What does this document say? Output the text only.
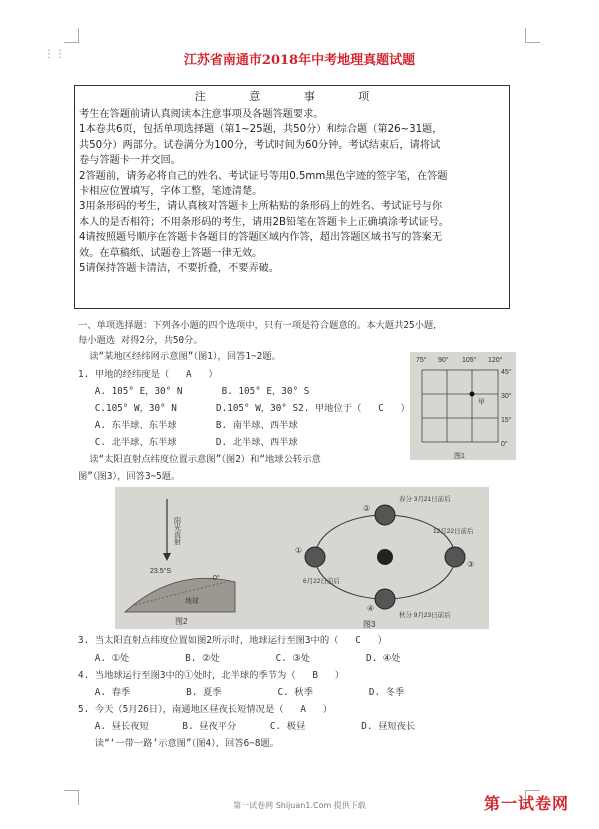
⋮⋮	江苏省南通市2018年中考地理真题试题
注 意 事 项

考生在答题前请认真阅读本注意事项及各题答题要求。

1本卷共6页，包括单项选择题（第1~25题，共50分）和综合题（第26~31题，

共50分）两部分。试卷满分为100分，考试时间为60分钟。考试结束后，请将试

卷与答题卡一并交回。

2答题前，请务必将自己的姓名、考试证号等用0.5mm黑色字迹的签字笔，在答题

卡相应位置填写，字体工整，笔迹清楚。

3用条形码的考生，请认真核对答题卡上所粘贴的条形码上的姓名、考试证号与你

本人的是否相符；不用条形码的考生，请用2B铅笔在答题卡上正确填涂考试证号。

4请按照题号顺序在答题卡各题目的答题区域内作答，超出答题区域书写的答案无

效。在草稿纸、试题卷上答题一律无效。

5请保持答题卡清洁，不要折叠，不要弄破。

一、单项选择题：下列各小题的四个选项中，只有一项是符合题意的。本大题共25小题，
每小题选 对得2分，共50分。
读“某地区经纬网示意图”（图1），回答1~2题。
1. 甲地的经纬度是（   A   ）
A. 105° E，30° N       B. 105° E，30° S
C.105° W，30° N       D.105° W，30° S2. 甲地位于（   C   ）
A. 东半球、东半球       B. 南半球、西半球
C. 北半球、东半球       D. 北半球、西半球
读“太阳直射点纬度位置示意图”（图2）和“地球公转示意
图”（图3），回答3~5题。
75° 90° 105° 120°
45°
30°
15°
0°
甲
图1
阳光直射
23.5°S
0°
地球
图2
春分 3月21日前后
12月22日前后
6月22日前后
秋分 9月23日前后
①
②
③
④
图3
3. 当太阳直射点纬度位置如图2所示时，地球运行至图3中的（   C   ）
A. ①处          B. ②处          C. ③处          D. ④处
4. 当地球运行至图3中的①处时，北半球的季节为（   B   ）
A. 春季          B. 夏季          C. 秋季          D. 冬季
5. 今天（5月26日），南通地区昼夜长短情况是（   A   ）
A. 昼长夜短      B. 昼夜平分      C. 极昼          D. 昼短夜长
读“‘一带一路’示意图”（图4），回答6~8题。
第一试卷网 Shijuan1.Com 提供下载	第一试卷网
